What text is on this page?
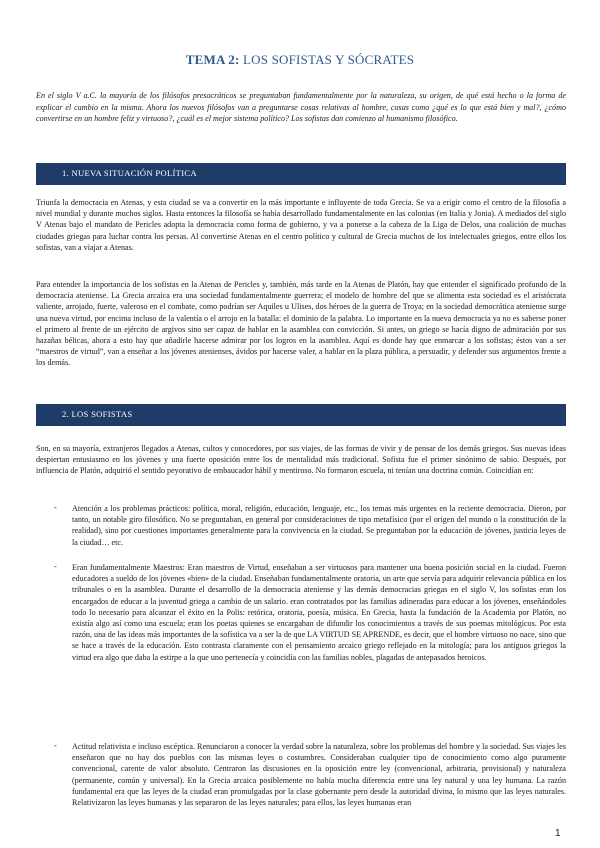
TEMA 2: LOS SOFISTAS Y SÓCRATES

En el siglo V a.C. la mayoría de los filósofos presocráticos se preguntaban fundamentalmente por la naturaleza, su origen, de qué está hecho o la forma de explicar el cambio en la misma. Ahora los nuevos filósofos van a preguntarse cosas relativas al hombre, cosas como ¿qué es lo que está bien y mal?, ¿cómo convertirse en un hombre feliz y virtuoso?, ¿cuál es el mejor sistema político? Los sofistas dan comienzo al humanismo filosófico.

1. NUEVA SITUACIÓN POLÍTICA

Triunfa la democracia en Atenas, y esta ciudad se va a convertir en la más importante e influyente de toda Grecia. Se va a erigir como el centro de la filosofía a nivel mundial y durante muchos siglos. Hasta entonces la filosofía se había desarrollado fundamentalmente en las colonias (en Italia y Jonia). A mediados del siglo V Atenas bajo el mandato de Pericles adopta la democracia como forma de gobierno, y va a ponerse a la cabeza de la Liga de Delos, una coalición de muchas ciudades griegas para luchar contra los persas. Al convertirse Atenas en el centro político y cultural de Grecia muchos de los intelectuales griegos, entre ellos los sofistas, van a viajar a Atenas.

Para entender la importancia de los sofistas en la Atenas de Pericles y, también, más tarde en la Atenas de Platón, hay que entender el significado profundo de la democracia ateniense. La Grecia arcaica era una sociedad fundamentalmente guerrera; el modelo de hombre del que se alimenta esta sociedad es el aristócrata valiente, arrojado, fuerte, valeroso en el combate, como podrían ser Aquiles u Ulises, dos héroes de la guerra de Troya; en la sociedad democrática ateniense surge una nueva virtud, por encima incluso de la valentía o el arrojo en la batalla: el dominio de la palabra. Lo importante en la nueva democracia ya no es saberse poner el primero al frente de un ejército de argivos sino ser capaz de hablar en la asamblea con convicción. Si antes, un griego se hacía digno de admiración por sus hazañas bélicas, ahora a esto hay que añadirle hacerse admirar por los logros en la asamblea. Aquí es donde hay que enmarcar a los sofistas; éstos van a ser “maestros de virtud”, van a enseñar a los jóvenes atenienses, ávidos por hacerse valer, a hablar en la plaza pública, a persuadir, y defender sus argumentos frente a los demás.

2. LOS SOFISTAS

Son, en su mayoría, extranjeros llegados a Atenas, cultos y conocedores, por sus viajes, de las formas de vivir y de pensar de los demás griegos. Sus nuevas ideas despiertan entusiasmo en los jóvenes y una fuerte oposición entre los de mentalidad más tradicional. Sofista fue el primer sinónimo de sabio. Después, por influencia de Platón, adquirió el sentido peyorativo de embaucador hábil y mentiroso. No formaron escuela, ni tenían una doctrina común. Coincidían en:

- Atención a los problemas prácticos: política, moral, religión, educación, lenguaje, etc., los temas más urgentes en la reciente democracia. Dieron, por tanto, un notable giro filosófico. No se preguntaban, en general por consideraciones de tipo metafísico (por el origen del mundo o la constitución de la realidad), sino por cuestiones importantes generalmente para la convivencia en la ciudad. Se preguntaban por la educación de jóvenes, justicia leyes de la ciudad… etc.

- Eran fundamentalmente Maestros: Eran maestros de Virtud, enseñaban a ser virtuosos para mantener una buena posición social en la ciudad. Fueron educadores a sueldo de los jóvenes «bien» de la ciudad. Enseñaban fundamentalmente oratoria, un arte que servía para adquirir relevancia pública en los tribunales o en la asamblea. Durante el desarrollo de la democracia ateniense y las demás democracias griegas en el siglo V, los sofistas eran los encargados de educar a la juventud griega a cambio de un salario. eran contratados por las familias adineradas para educar a los jóvenes, enseñándoles todo lo necesario para alcanzar el éxito en la Polis: retórica, oratoria, poesía, música. En Grecia, hasta la fundación de la Academia por Platón, no existía algo así como una escuela; eran los poetas quienes se encargaban de difundir los conocimientos a través de sus poemas mitológicos. Por esta razón, una de las ideas más importantes de la sofística va a ser la de que LA VIRTUD SE APRENDE, es decir, que el hombre virtuoso no nace, sino que se hace a través de la educación. Esto contrasta claramente con el pensamiento arcaico griego reflejado en la mitología; para los antiguos griegos la virtud era algo que daba la estirpe a la que uno pertenecía y coincidía con las familias nobles, plagadas de antepasados heroicos.

- Actitud relativista e incluso escéptica. Renunciaron a conocer la verdad sobre la naturaleza, sobre los problemas del hombre y la sociedad. Sus viajes les enseñaron que no hay dos pueblos con las mismas leyes o costumbres. Consideraban cualquier tipo de conocimiento como algo puramente convencional, carente de valor absoluto. Centraron las discusiones en la oposición entre ley (convencional, arbitraria, provisional) y naturaleza (permanente, común y universal). En la Grecia arcaica posiblemente no había mucha diferencia entre una ley natural y una ley humana. La razón fundamental era que las leyes de la ciudad eran promulgadas por la clase gobernante pero desde la autoridad divina, lo mismo que las leyes naturales. Relativizaron las leyes humanas y las separaron de las leyes naturales; para ellos, las leyes humanas eran

1
